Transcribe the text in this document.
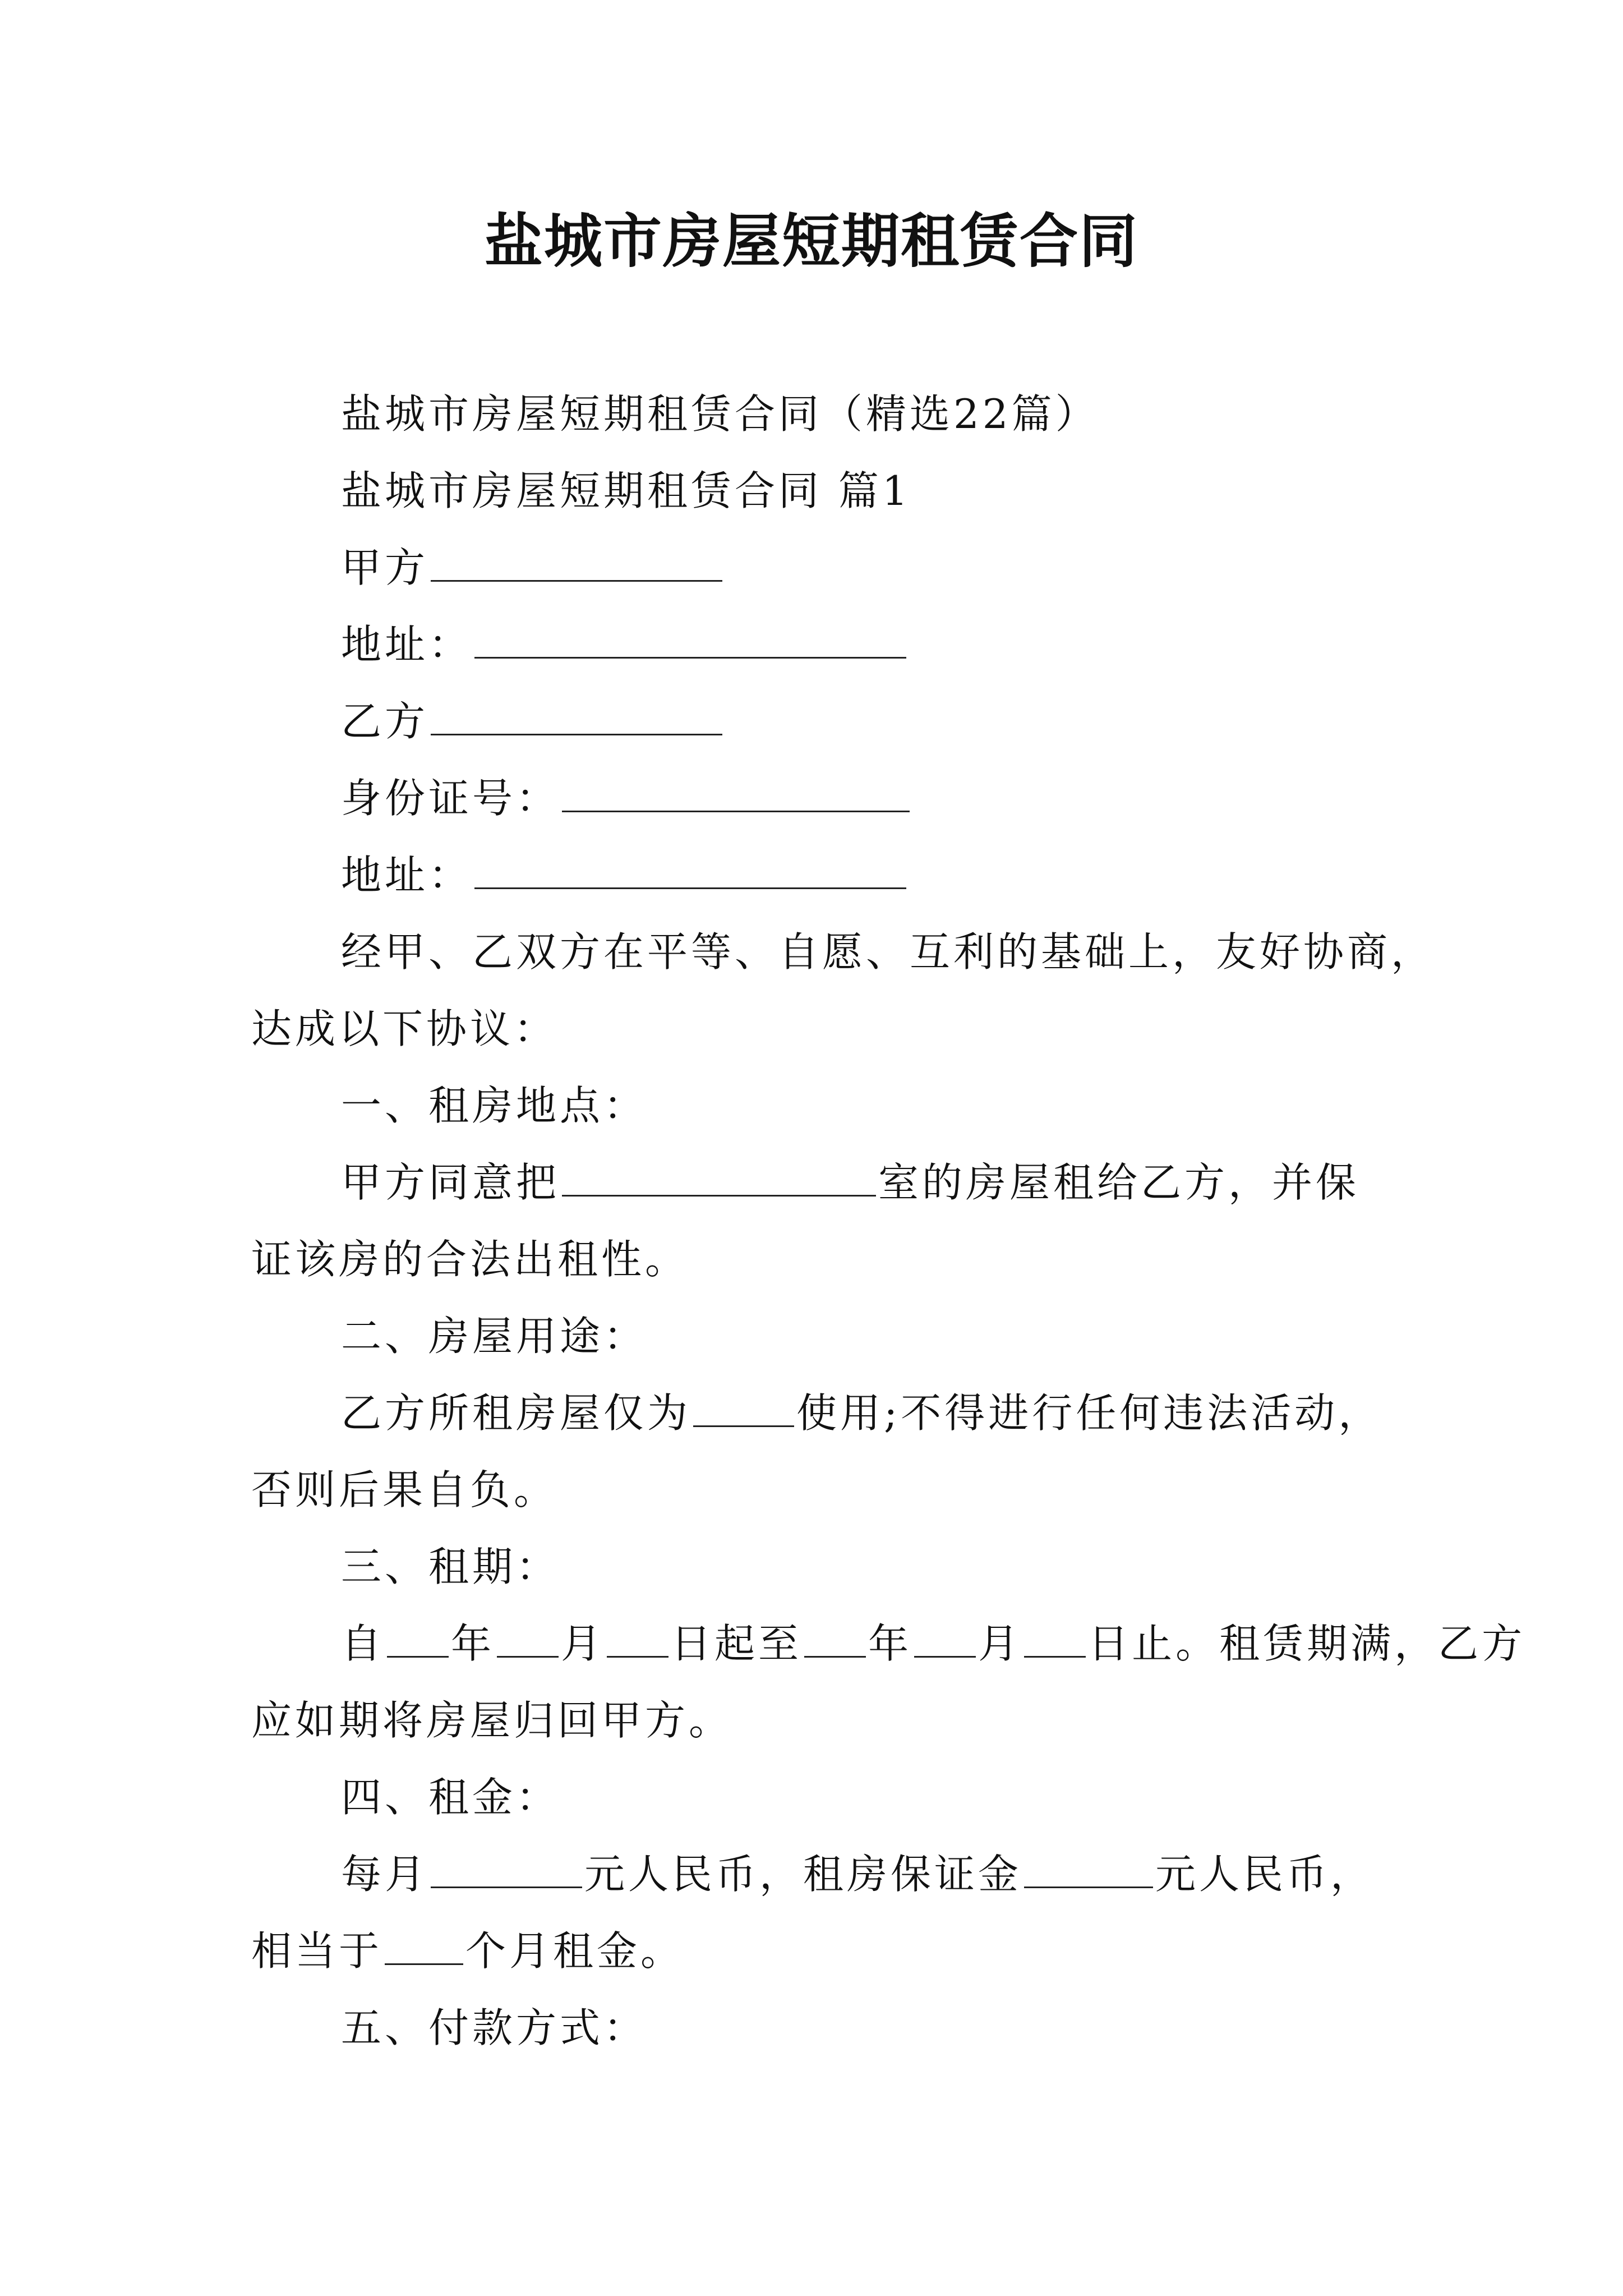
盐城市房屋短期租赁合同

盐城市房屋短期租赁合同（精选22篇）

盐城市房屋短期租赁合同 篇1

甲方

地址：

乙方

身份证号：

地址：

经甲、乙双方在平等、自愿、互利的基础上，友好协商，

达成以下协议：

一、租房地点：

甲方同意把	室的房屋租给乙方，并保

证该房的合法出租性。

二、房屋用途：

乙方所租房屋仅为	使用;不得进行任何违法活动，

否则后果自负。

三、租期：

自 年 月 日起至 年 月 日止。租赁期满，乙方

应如期将房屋归回甲方。

四、租金：

每月	元人民币，租房保证金	元人民币，

相当于 个月租金。

五、付款方式：
